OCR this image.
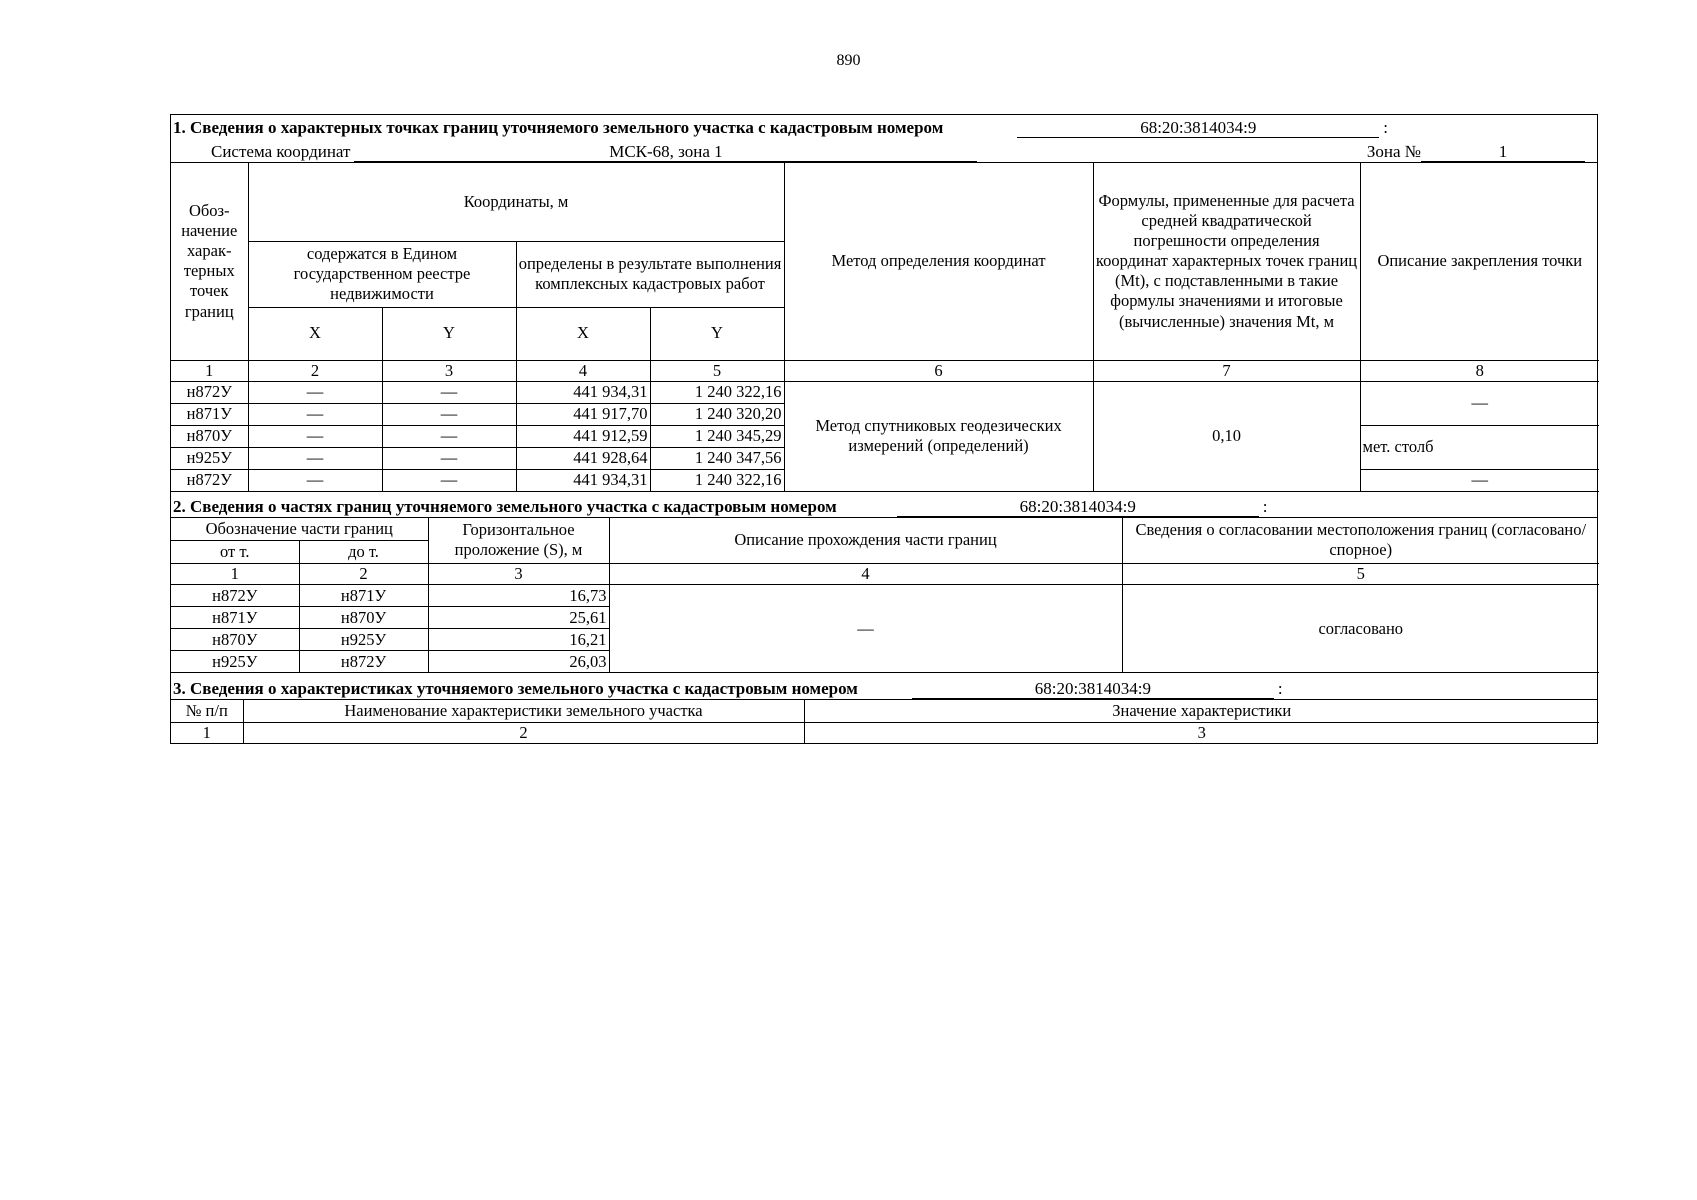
890
1. Сведения о характерных точках границ уточняемого земельного участка с кадастровым номером	68:20:3814034:9	:
Система координат	МСК-68, зона 1	Зона №	1
Обоз-начение харак-терных точек границ	Координаты, м				Метод определения координат	Формулы, примененные для расчета средней квадратической погрешности определения координат характерных точек границ (Mt), с подставленными в такие формулы значениями и итоговые (вычисленные) значения Mt, м	Описание закрепления точки
	содержатся в Едином государственном реестре недвижимости		определены в результате выполнения комплексных кадастровых работ				
	X	Y	X	Y			
1	2	3	4	5	6	7	8
н872У	—	—	441 934,31	1 240 322,16	Метод спутниковых геодезических измерений (определений)	0,10	—
н871У	—	—	441 917,70	1 240 320,20			
н870У	—	—	441 912,59	1 240 345,29			мет. столб
н925У	—	—	441 928,64	1 240 347,56			
н872У	—	—	441 934,31	1 240 322,16			—
2. Сведения о частях границ уточняемого земельного участка с кадастровым номером	68:20:3814034:9	:
Обозначение части границ		Горизонтальное проложение (S), м	Описание прохождения части границ	Сведения о согласовании местоположения границ (согласовано/спорное)
от т.	до т.			
1	2	3	4	5
н872У	н871У	16,73	—	согласовано
н871У	н870У	25,61		
н870У	н925У	16,21		
н925У	н872У	26,03		
3. Сведения о характеристиках уточняемого земельного участка с кадастровым номером	68:20:3814034:9	:
№ п/п	Наименование характеристики земельного участка	Значение характеристики
1	2	3
